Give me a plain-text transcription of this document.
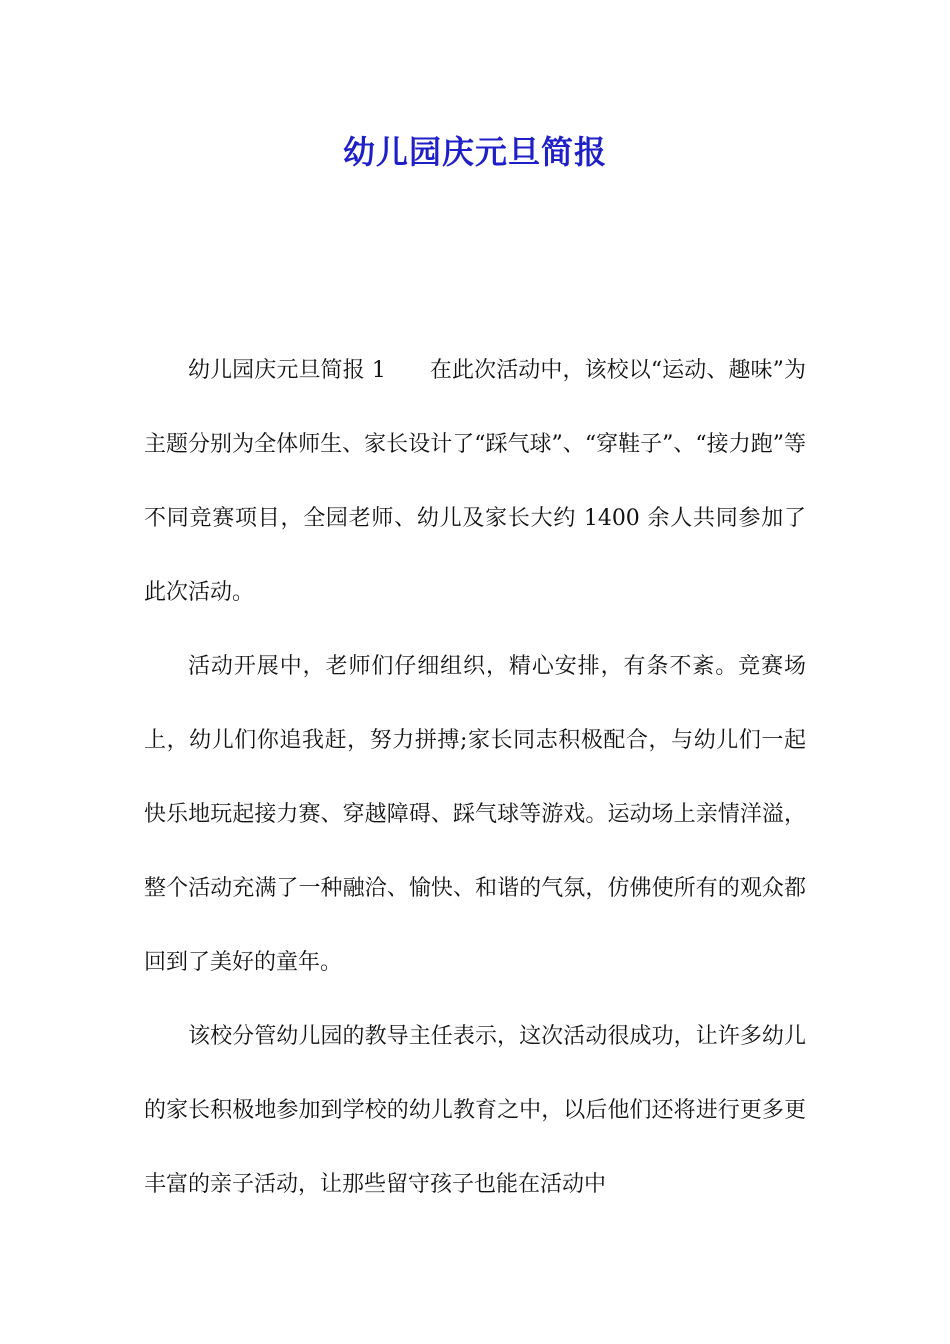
幼儿园庆元旦简报

幼儿园庆元旦简报 1 在此次活动中，该校以“运动、趣味”为主题分别为全体师生、家长设计了“踩气球”、“穿鞋子”、“接力跑”等不同竞赛项目，全园老师、幼儿及家长大约 1400 余人共同参加了此次活动。

活动开展中，老师们仔细组织，精心安排，有条不紊。竞赛场上，幼儿们你追我赶，努力拼搏;家长同志积极配合，与幼儿们一起快乐地玩起接力赛、穿越障碍、踩气球等游戏。运动场上亲情洋溢，整个活动充满了一种融洽、愉快、和谐的气氛，仿佛使所有的观众都回到了美好的童年。

该校分管幼儿园的教导主任表示，这次活动很成功，让许多幼儿的家长积极地参加到学校的幼儿教育之中，以后他们还将进行更多更丰富的亲子活动，让那些留守孩子也能在活动中
